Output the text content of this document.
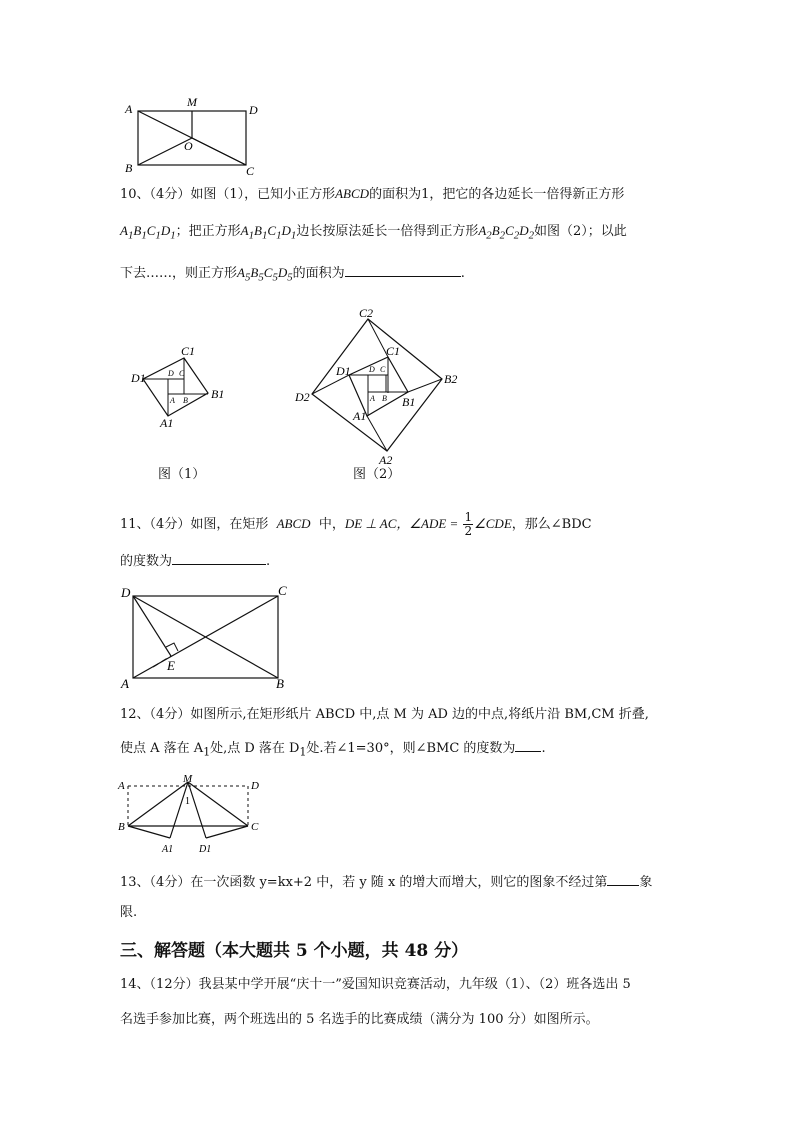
A	M
D
B
O
C
10、（4分）如图（1），已知小正方形ABCD的面积为1，把它的各边延长一倍得新正方形
$A_1B_1C_1D_1$；把正方形$A_1B_1C_1D_1$边长按原法延长一倍得到正方形$A_2B_2C_2D_2$如图（2）；以此
下去……，则正方形$A_5B_5C_5D_5$的面积为	.
C1
D1
B1
A1
D C
A B
图（1）
C2
B2
D2
A2
C1
D1
B1
A1
D C
A B
图（2）
11、（4分）如图，在矩形 ABCD 中，DE ⊥ AC，∠ADE = $\frac{1}{2}$ ∠CDE，那么∠BDC
的度数为	.
D	C
A	B
E
12、（4分）如图所示,在矩形纸片 ABCD 中,点 M 为 AD 边的中点,将纸片沿 BM,CM 折叠,
使点 A 落在 $A_1$处,点 D 落在 $D_1$处.若∠1=30°，则∠BMC 的度数为 .
A
M
D
B	C
1
A1	D1
13、（4分）在一次函数 y=kx+2 中，若 y 随 x 的增大而增大，则它的图象不经过第 象
限.
三、解答题（本大题共 5 个小题，共 48 分）
14、（12分）我县某中学开展“庆十一”爱国知识竞赛活动，九年级（1）、（2）班各选出 5
名选手参加比赛，两个班选出的 5 名选手的比赛成绩（满分为 100 分）如图所示。
